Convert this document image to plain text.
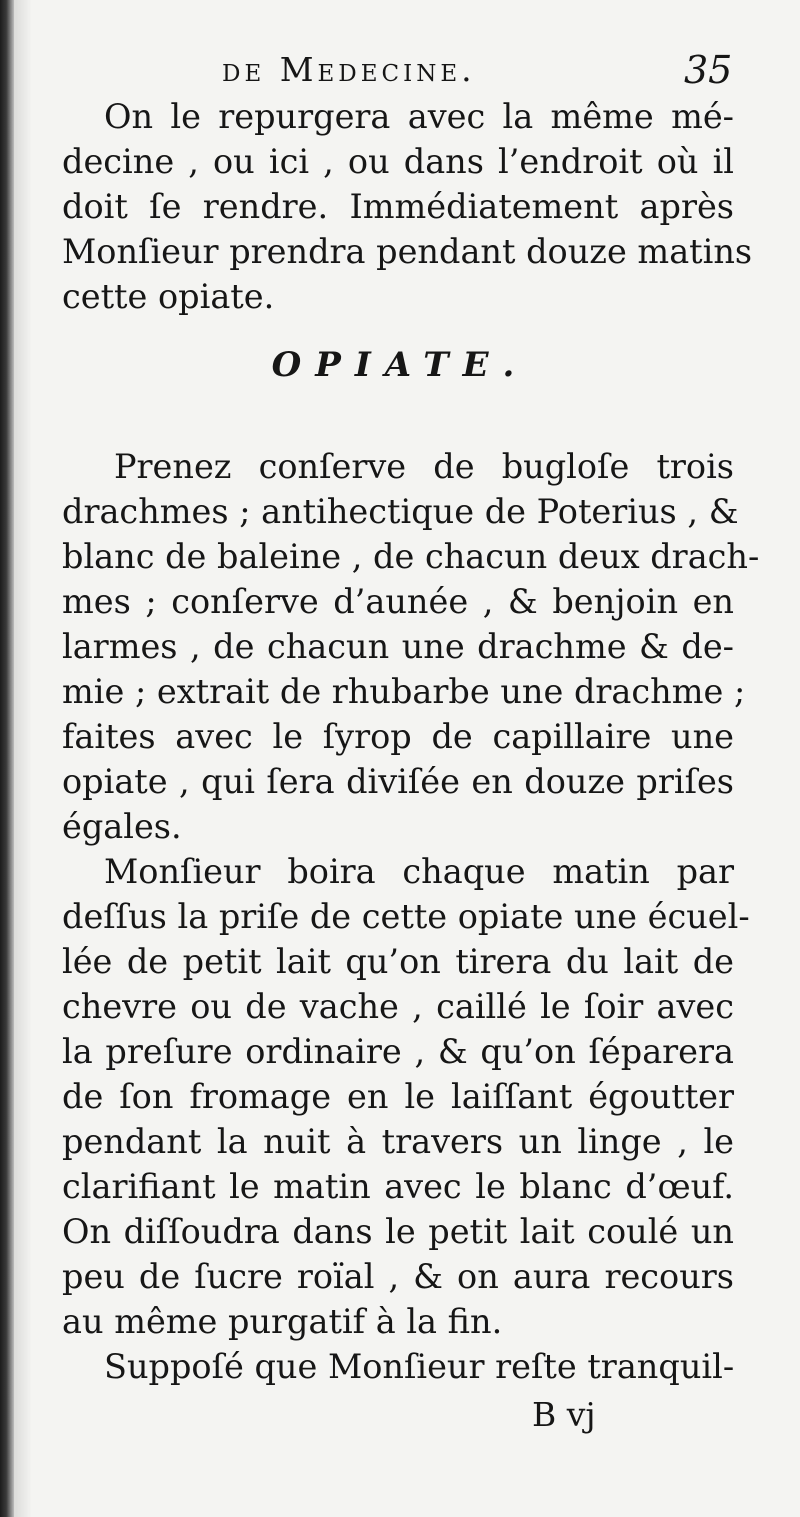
de Medecine.	35
On le repurgera avec la même mé-
decine , ou ici , ou dans l’endroit où il
doit ſe rendre. Immédiatement après
Monſieur prendra pendant douze matins
cette opiate.
OPIATE.
Prenez conſerve de bugloſe trois
drachmes ; antihectique de Poterius , &
blanc de baleine , de chacun deux drach-
mes ; conſerve d’aunée , & benjoin en
larmes , de chacun une drachme & de-
mie ; extrait de rhubarbe une drachme ;
faites avec le ſyrop de capillaire une
opiate , qui ſera diviſée en douze priſes
égales.
Monſieur boira chaque matin par
deſſus la priſe de cette opiate une écuel-
lée de petit lait qu’on tirera du lait de
chevre ou de vache , caillé le ſoir avec
la preſure ordinaire , & qu’on ſéparera
de ſon fromage en le laiſſant égoutter
pendant la nuit à travers un linge , le
clarifiant le matin avec le blanc d’œuf.
On diſſoudra dans le petit lait coulé un
peu de ſucre roïal , & on aura recours
au même purgatif à la fin.
Suppoſé que Monſieur reſte tranquil-
B vj
